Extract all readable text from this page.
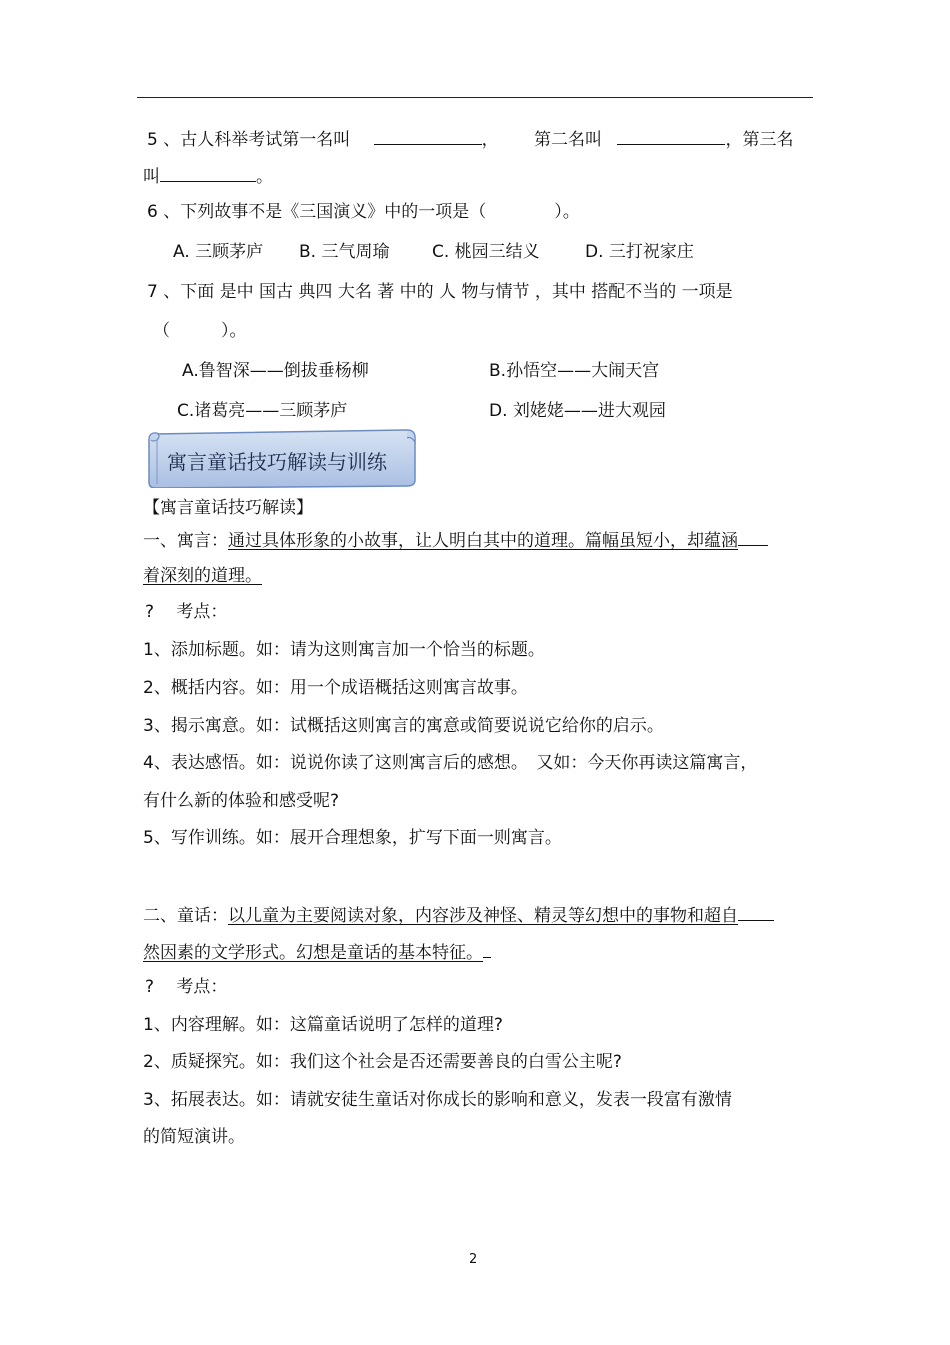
5 、古人科举考试第一名叫	， 第二名叫	，第三名
叫	。
6 、下列故事不是《三国演义》中的一项是（　　　　）。
A. 三顾茅庐 B. 三气周瑜	C. 桃园三结义	D. 三打祝家庄
7 、下面 是中 国古 典四 大名 著 中的 人 物与情节 ，其中 搭配不当的 一项是
（　　　）。
A.鲁智深——倒拔垂杨柳	B.孙悟空——大闹天宫
C.诸葛亮——三顾茅庐	D. 刘姥姥——进大观园
寓言童话技巧解读与训练
【寓言童话技巧解读】
一、寓言：通过具体形象的小故事，让人明白其中的道理。篇幅虽短小，却蕴涵
着深刻的道理。
?　 考点：
1、添加标题。如：请为这则寓言加一个恰当的标题。
2、概括内容。如：用一个成语概括这则寓言故事。
3、揭示寓意。如：试概括这则寓言的寓意或简要说说它给你的启示。
4、表达感悟。如：说说你读了这则寓言后的感想。　又如：今天你再读这篇寓言，
有什么新的体验和感受呢?
5、写作训练。如：展开合理想象，扩写下面一则寓言。
二、童话：以儿童为主要阅读对象，内容涉及神怪、精灵等幻想中的事物和超自
然因素的文学形式。幻想是童话的基本特征。
?　 考点：
1、内容理解。如：这篇童话说明了怎样的道理?
2、质疑探究。如：我们这个社会是否还需要善良的白雪公主呢?
3、拓展表达。如：请就安徒生童话对你成长的影响和意义，发表一段富有激情
的简短演讲。
2
